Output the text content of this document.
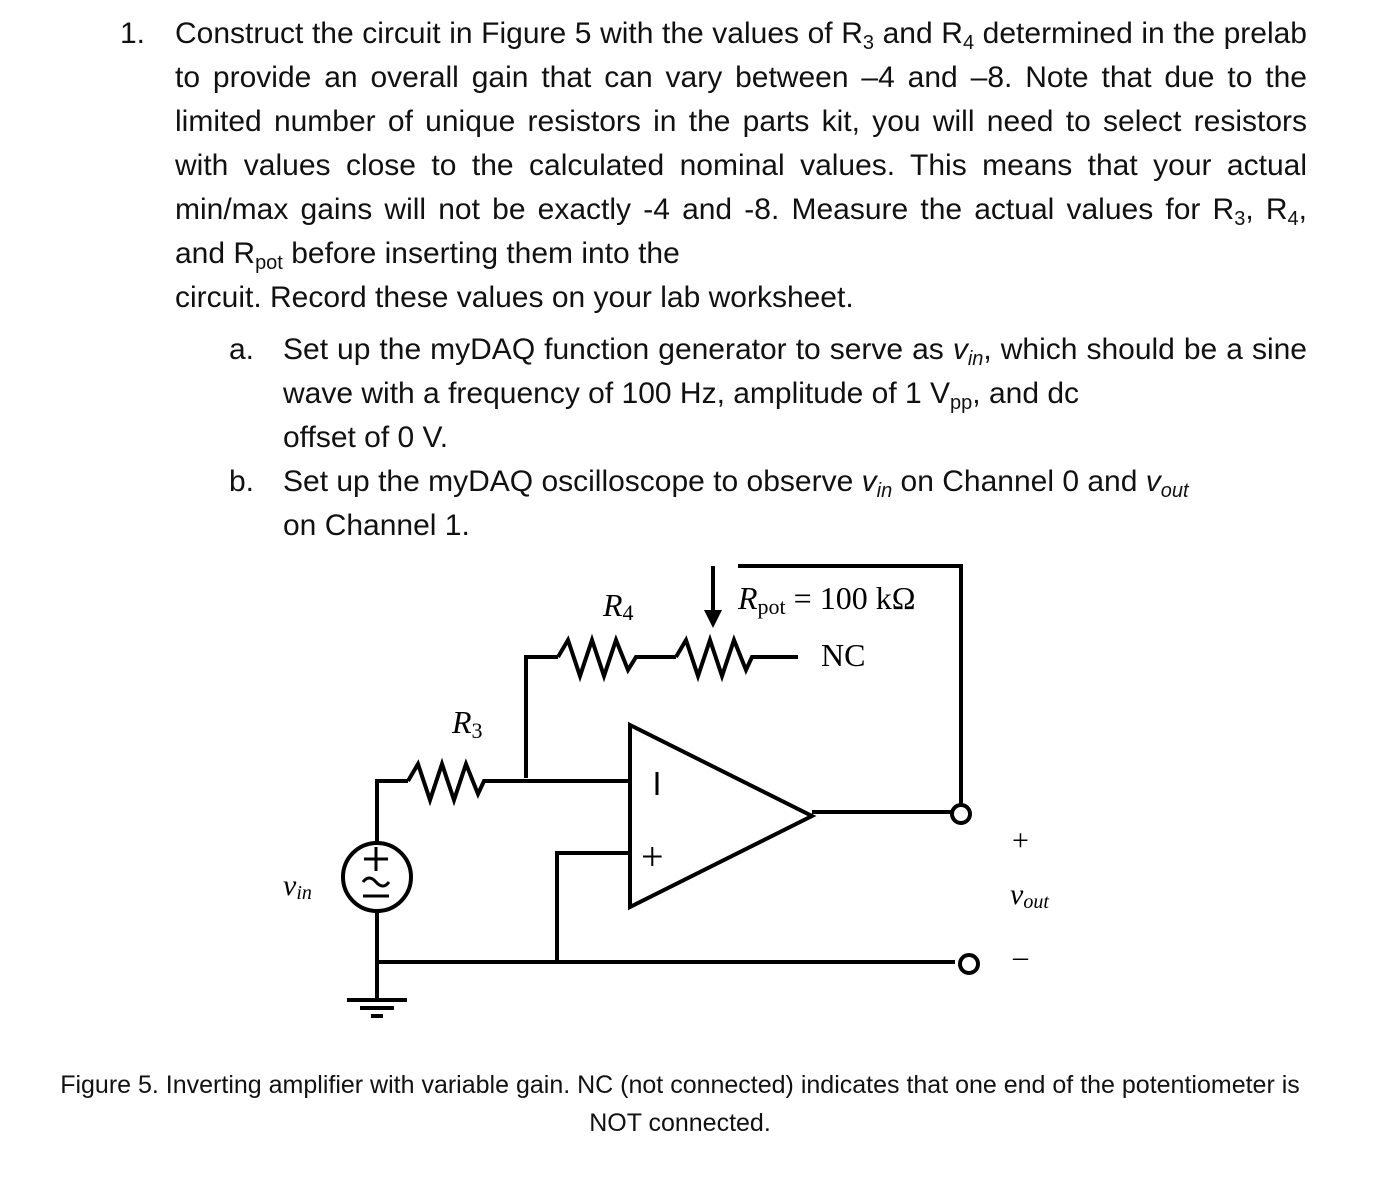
1. Construct the circuit in Figure 5 with the values of $R_3$ and $R_4$ determined in the prelab to provide an overall gain that can vary between –4 and –8. Note that due to the limited number of unique resistors in the parts kit, you will need to select resistors with values close to the calculated nominal values. This means that your actual min/max gains will not be exactly -4 and -8. Measure the actual values for $R_3$, $R_4$, and $R_{pot}$ before inserting them into the
circuit. Record these values on your lab worksheet.
a. Set up the myDAQ function generator to serve as $v_{in}$, which should be a sine wave with a frequency of 100 Hz, amplitude of 1 $V_{pp}$, and dc
offset of 0 V.
b. Set up the myDAQ oscilloscope to observe $v_{in}$ on Channel 0 and $v_{out}$
on Channel 1.
R4	Rpot = 100 kΩ
NC
R3
−
+
vin
+
vout
–
Figure 5. Inverting amplifier with variable gain. NC (not connected) indicates that one end of the potentiometer is NOT connected.
